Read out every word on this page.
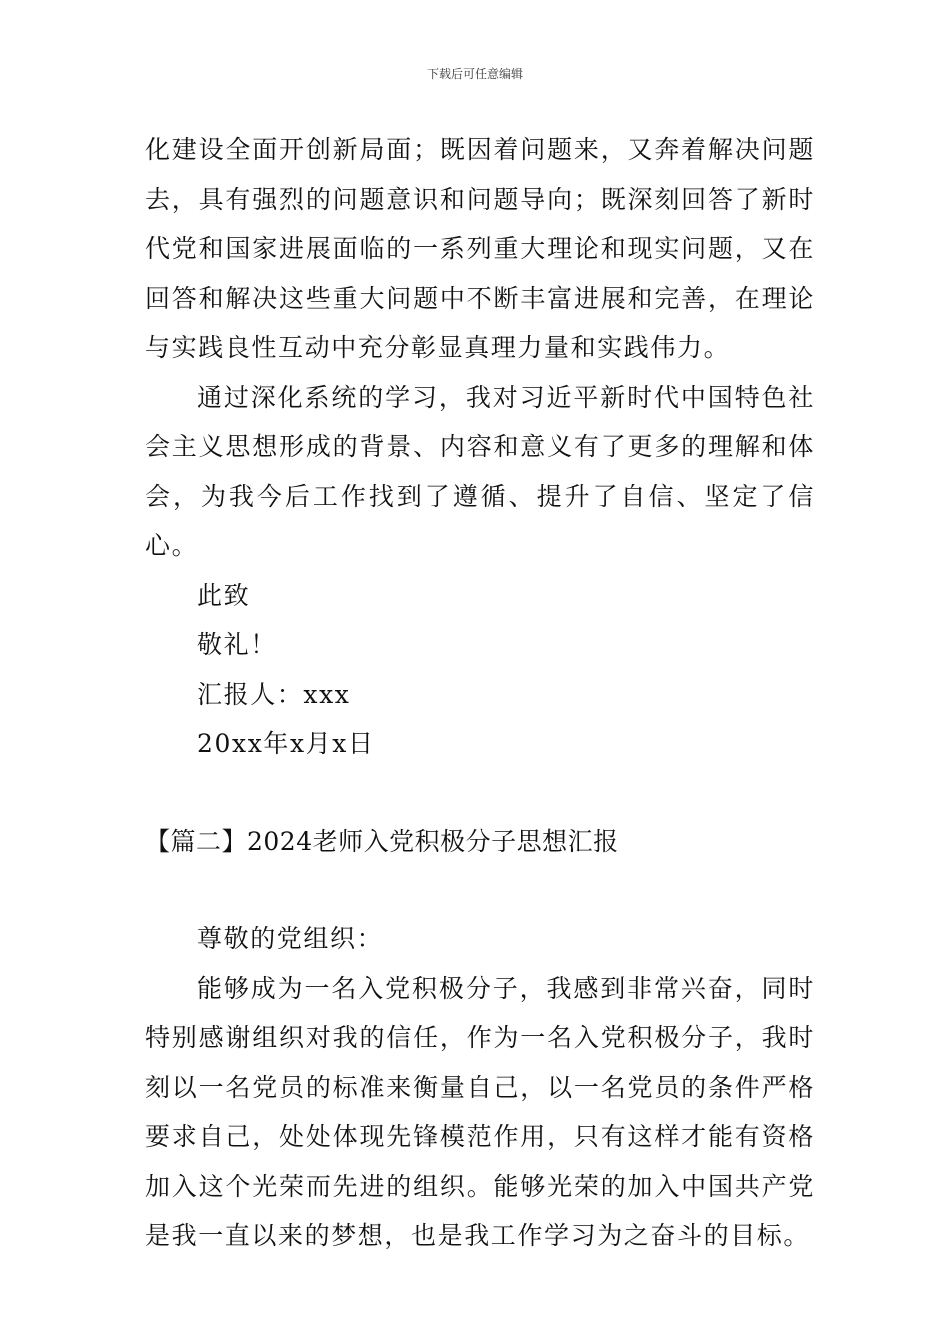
下载后可任意编辑

化建设全面开创新局面；既因着问题来，又奔着解决问题去，具有强烈的问题意识和问题导向；既深刻回答了新时代党和国家进展面临的一系列重大理论和现实问题，又在回答和解决这些重大问题中不断丰富进展和完善，在理论与实践良性互动中充分彰显真理力量和实践伟力。

通过深化系统的学习，我对习近平新时代中国特色社会主义思想形成的背景、内容和意义有了更多的理解和体会，为我今后工作找到了遵循、提升了自信、坚定了信心。

此致

敬礼！

汇报人：xxx

20xx年x月x日

【篇二】2024老师入党积极分子思想汇报

尊敬的党组织：

能够成为一名入党积极分子，我感到非常兴奋，同时特别感谢组织对我的信任，作为一名入党积极分子，我时刻以一名党员的标准来衡量自己，以一名党员的条件严格要求自己，处处体现先锋模范作用，只有这样才能有资格加入这个光荣而先进的组织。能够光荣的加入中国共产党是我一直以来的梦想，也是我工作学习为之奋斗的目标。
